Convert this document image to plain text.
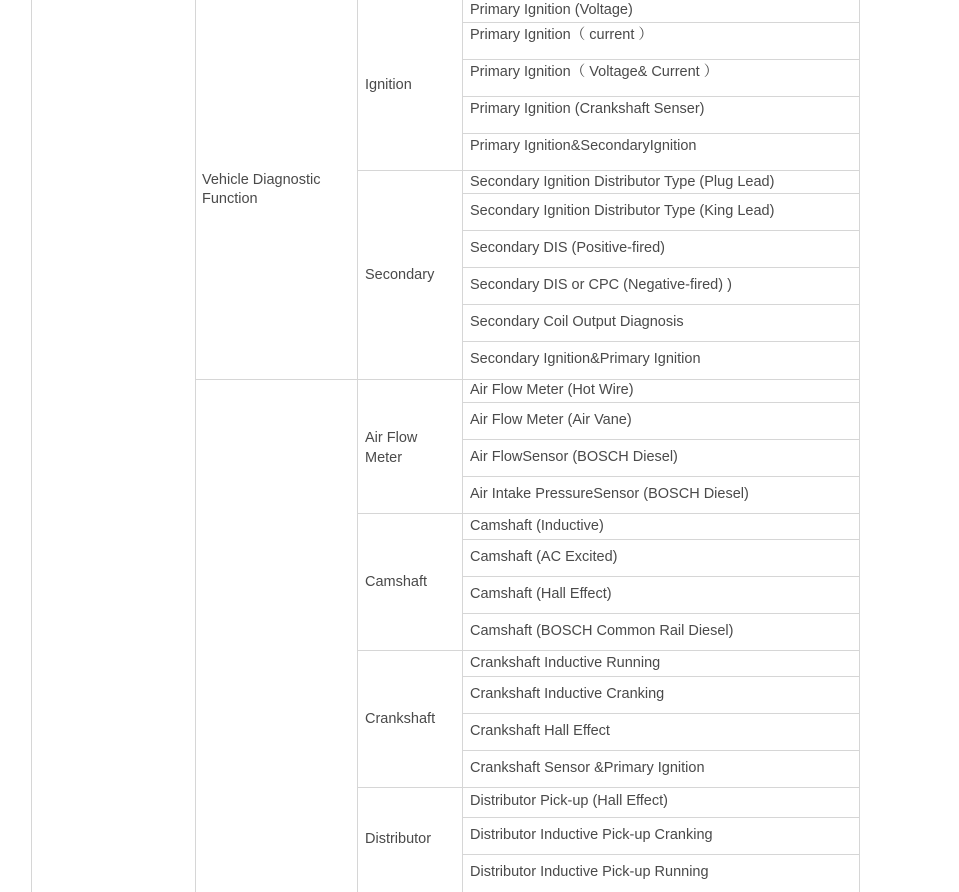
Vehicle Diagnostic Function
Ignition
Primary Ignition (Voltage)
Primary Ignition（ current ）
Primary Ignition（ Voltage& Current ）
Primary Ignition (Crankshaft Senser)
Primary Ignition&SecondaryIgnition
Secondary
Secondary Ignition Distributor Type (Plug Lead)
Secondary Ignition Distributor Type (King Lead)
Secondary DIS (Positive-fired)
Secondary DIS or CPC (Negative-fired) )
Secondary Coil Output Diagnosis
Secondary Ignition&Primary Ignition
Air Flow Meter
Air Flow Meter (Hot Wire)
Air Flow Meter (Air Vane)
Air FlowSensor (BOSCH Diesel)
Air Intake PressureSensor (BOSCH Diesel)
Camshaft
Camshaft (Inductive)
Camshaft (AC Excited)
Camshaft (Hall Effect)
Camshaft (BOSCH Common Rail Diesel)
Crankshaft
Crankshaft Inductive Running
Crankshaft Inductive Cranking
Crankshaft Hall Effect
Crankshaft Sensor &Primary Ignition
Distributor
Distributor Pick-up (Hall Effect)
Distributor Inductive Pick-up Cranking
Distributor Inductive Pick-up Running
